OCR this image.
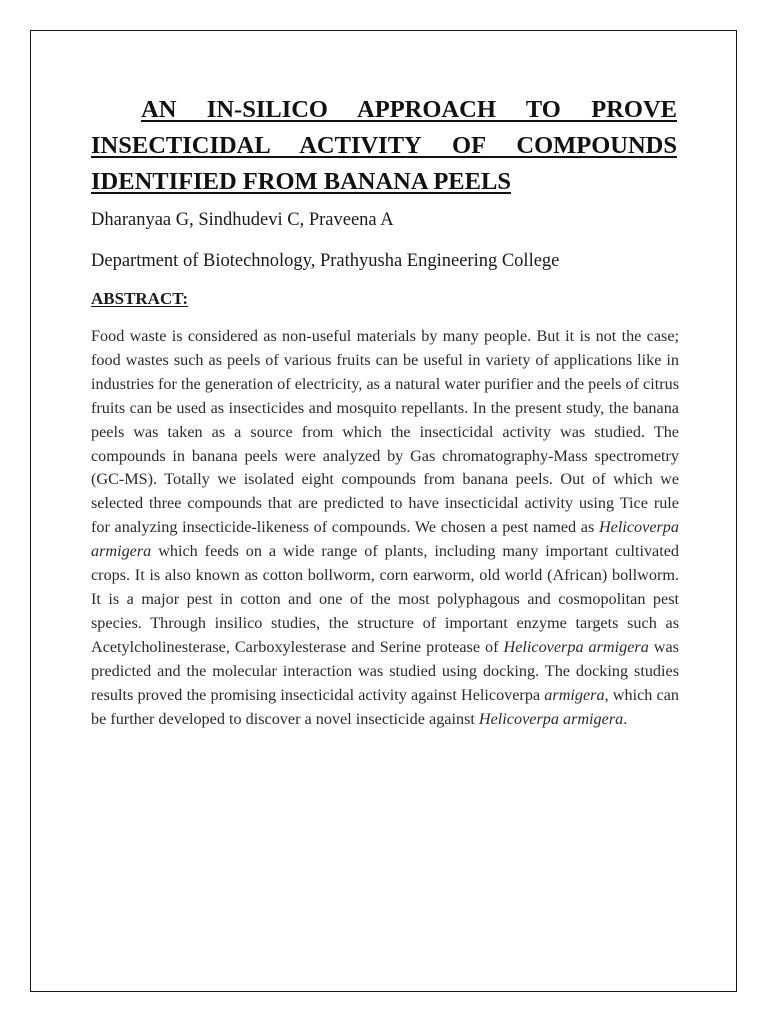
AN IN-SILICO APPROACH TO PROVE INSECTICIDAL ACTIVITY OF COMPOUNDS IDENTIFIED FROM BANANA PEELS

Dharanyaa G, Sindhudevi C, Praveena A

Department of Biotechnology, Prathyusha Engineering College

ABSTRACT:

Food waste is considered as non-useful materials by many people. But it is not the case; food wastes such as peels of various fruits can be useful in variety of applications like in industries for the generation of electricity, as a natural water purifier and the peels of citrus fruits can be used as insecticides and mosquito repellants. In the present study, the banana peels was taken as a source from which the insecticidal activity was studied. The compounds in banana peels were analyzed by Gas chromatography-Mass spectrometry (GC-MS). Totally we isolated eight compounds from banana peels. Out of which we selected three compounds that are predicted to have insecticidal activity using Tice rule for analyzing insecticide-likeness of compounds. We chosen a pest named as Helicoverpa armigera which feeds on a wide range of plants, including many important cultivated crops. It is also known as cotton bollworm, corn earworm, old world (African) bollworm. It is a major pest in cotton and one of the most polyphagous and cosmopolitan pest species. Through insilico studies, the structure of important enzyme targets such as Acetylcholinesterase, Carboxylesterase and Serine protease of Helicoverpa armigera was predicted and the molecular interaction was studied using docking. The docking studies results proved the promising insecticidal activity against Helicoverpa armigera, which can be further developed to discover a novel insecticide against Helicoverpa armigera.
